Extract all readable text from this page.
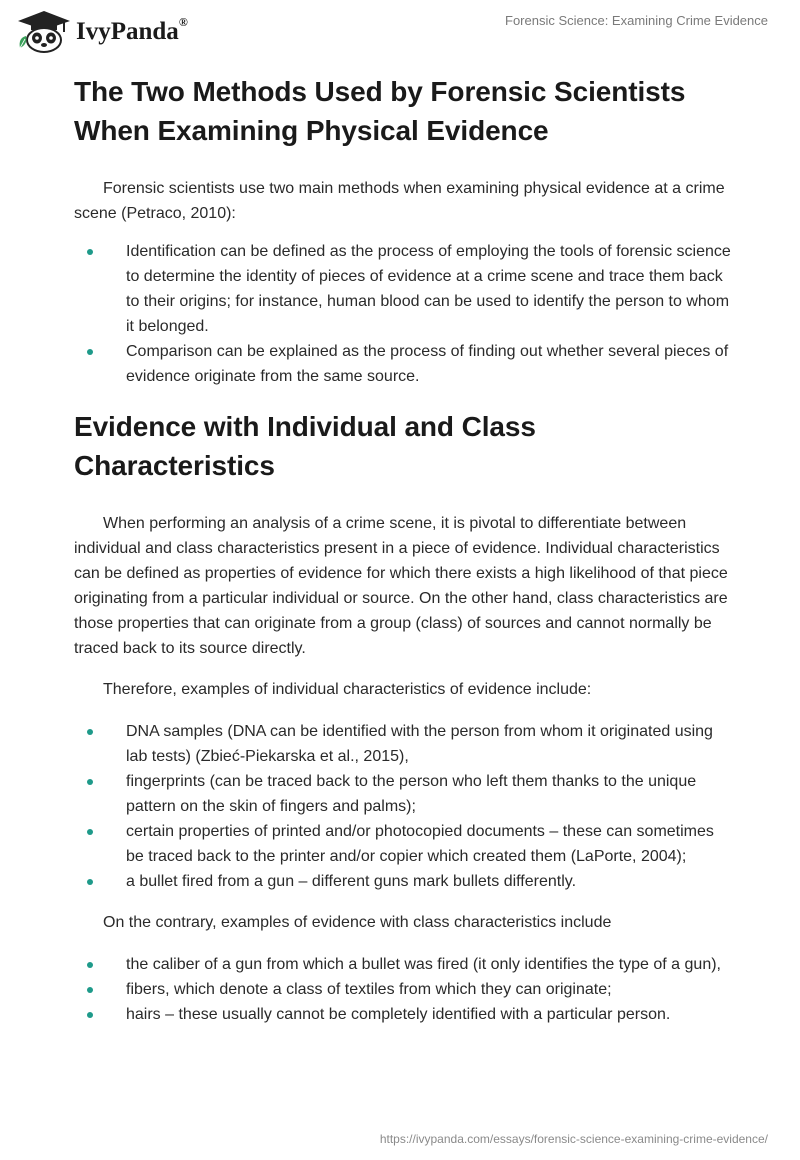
IvyPanda®	Forensic Science: Examining Crime Evidence
The Two Methods Used by Forensic Scientists When Examining Physical Evidence

Forensic scientists use two main methods when examining physical evidence at a crime scene (Petraco, 2010):

Identification can be defined as the process of employing the tools of forensic science to determine the identity of pieces of evidence at a crime scene and trace them back to their origins; for instance, human blood can be used to identify the person to whom it belonged.
Comparison can be explained as the process of finding out whether several pieces of evidence originate from the same source.
Evidence with Individual and Class Characteristics

When performing an analysis of a crime scene, it is pivotal to differentiate between individual and class characteristics present in a piece of evidence. Individual characteristics can be defined as properties of evidence for which there exists a high likelihood of that piece originating from a particular individual or source. On the other hand, class characteristics are those properties that can originate from a group (class) of sources and cannot normally be traced back to its source directly.

Therefore, examples of individual characteristics of evidence include:

DNA samples (DNA can be identified with the person from whom it originated using lab tests) (Zbieć-Piekarska et al., 2015),
fingerprints (can be traced back to the person who left them thanks to the unique pattern on the skin of fingers and palms);
certain properties of printed and/or photocopied documents – these can sometimes be traced back to the printer and/or copier which created them (LaPorte, 2004);
a bullet fired from a gun – different guns mark bullets differently.

On the contrary, examples of evidence with class characteristics include

the caliber of a gun from which a bullet was fired (it only identifies the type of a gun),
fibers, which denote a class of textiles from which they can originate;
hairs – these usually cannot be completely identified with a particular person.
https://ivypanda.com/essays/forensic-science-examining-crime-evidence/
